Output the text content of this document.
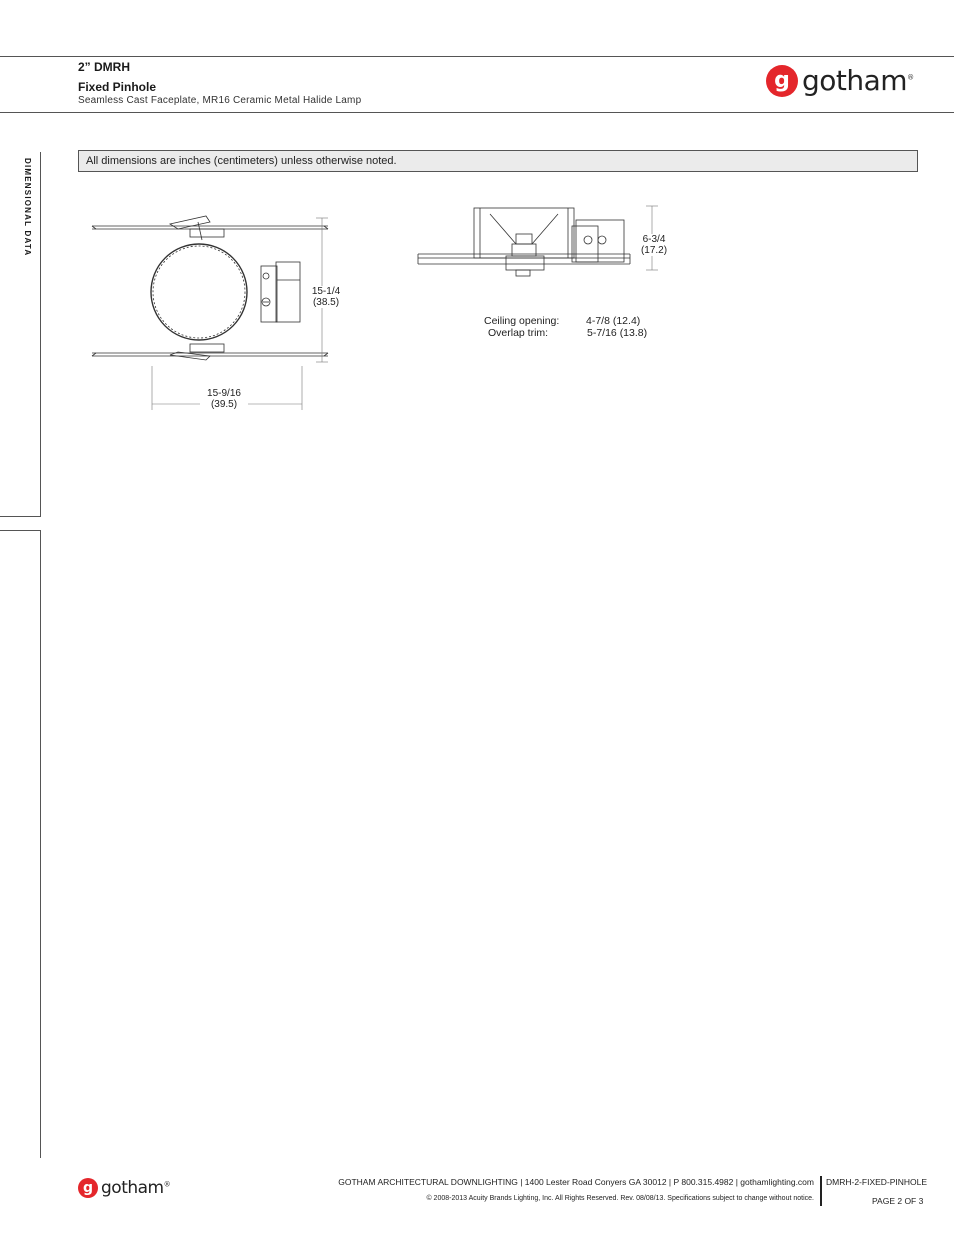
2” DMRH
Fixed Pinhole
Seamless Cast Faceplate, MR16 Ceramic Metal Halide Lamp
g gotham®
DIMENSIONAL DATA	All dimensions are inches (centimeters) unless otherwise noted.
15-1/4
(38.5)
15-9/16
(39.5)
6-3/4
(17.2)
Ceiling opening:	4-7/8 (12.4)
Overlap trim:	5-7/16 (13.8)
g gotham®	GOTHAM ARCHITECTURAL DOWNLIGHTING | 1400 Lester Road Conyers GA 30012 | P 800.315.4982 | gothamlighting.com
© 2008-2013 Acuity Brands Lighting, Inc. All Rights Reserved. Rev. 08/08/13. Specifications subject to change without notice.
DMRH-2-FIXED-PINHOLE
PAGE 2 OF 3
